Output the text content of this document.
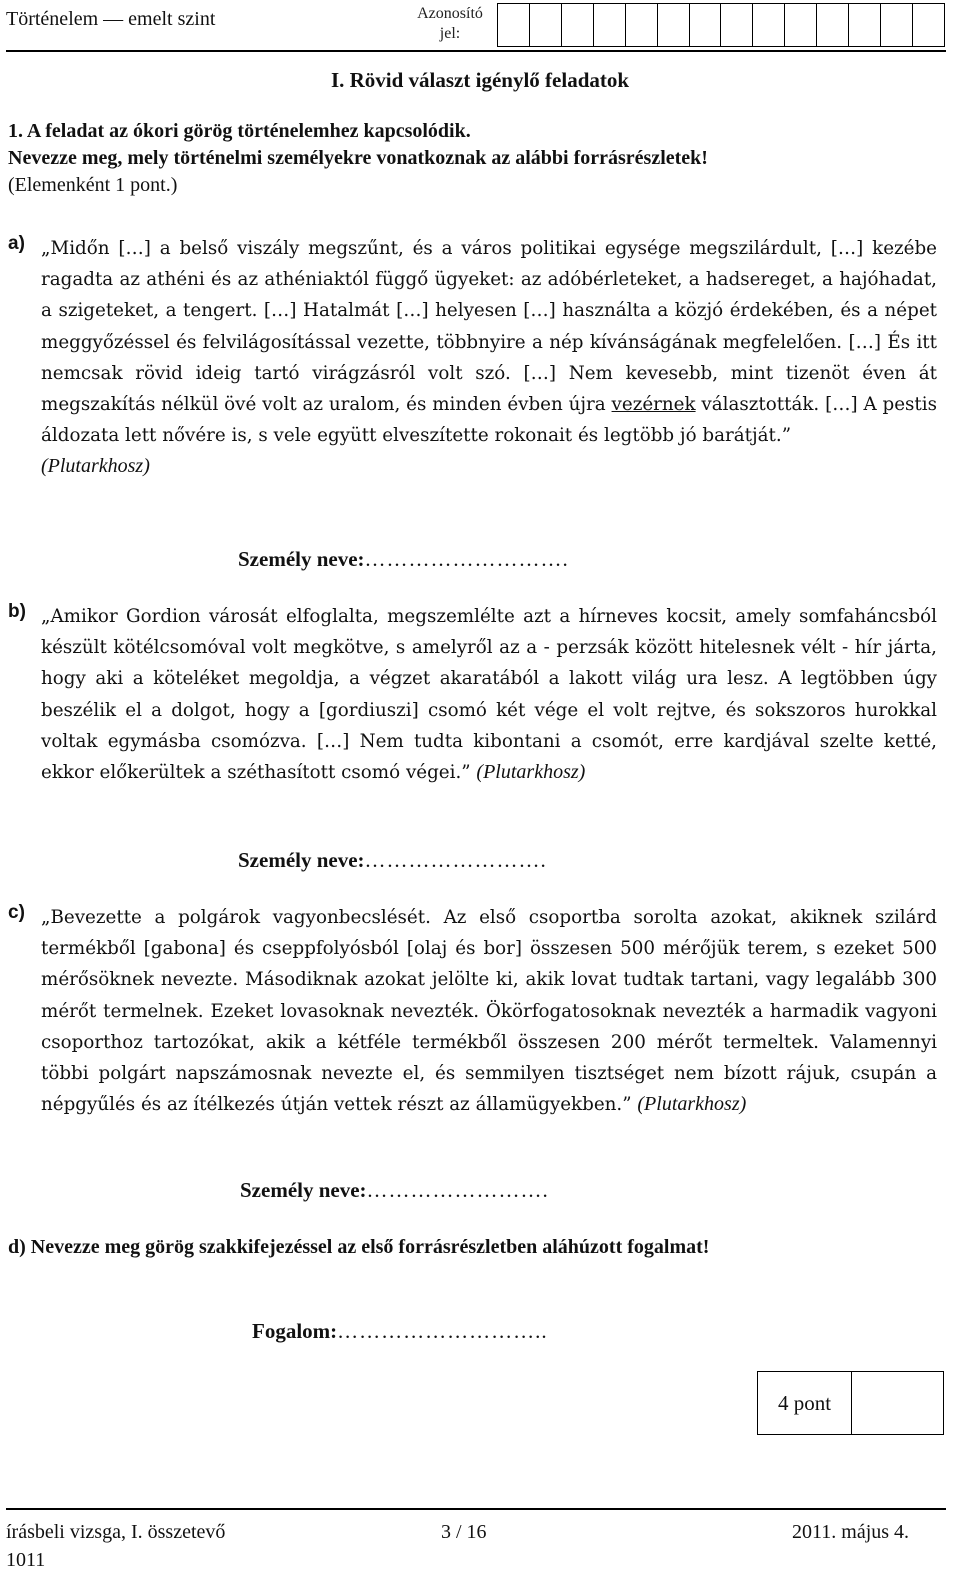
Történelem — emelt szint	Azonosító
jel:
I. Rövid választ igénylő feladatok
1. A feladat az ókori görög történelemhez kapcsolódik.
Nevezze meg, mely történelmi személyekre vonatkoznak az alábbi forrásrészletek!
(Elemenként 1 pont.)
a) „Midőn […] a belső viszály megszűnt, és a város politikai egysége megszilárdult, […] kezébe ragadta az athéni és az athéniaktól függő ügyeket: az adóbérleteket, a hadsereget, a hajóhadat, a szigeteket, a tengert. […] Hatalmát […] helyesen […] használta a közjó érdekében, és a népet meggyőzéssel és felvilágosítással vezette, többnyire a nép kívánságának megfelelően. […] És itt nemcsak rövid ideig tartó virágzásról volt szó. […] Nem kevesebb, mint tizenöt éven át megszakítás nélkül övé volt az uralom, és minden évben újra vezérnek választották. […] A pestis áldozata lett nővére is, s vele együtt elveszítette rokonait és legtöbb jó barátját.”
(Plutarkhosz)
Személy neve:……………………….
b) „Amikor Gordion városát elfoglalta, megszemlélte azt a hírneves kocsit, amely somfaháncsból készült kötélcsomóval volt megkötve, s amelyről az a - perzsák között hitelesnek vélt - hír járta, hogy aki a köteléket megoldja, a végzet akaratából a lakott világ ura lesz. A legtöbben úgy beszélik el a dolgot, hogy a [gordiuszi] csomó két vége el volt rejtve, és sokszoros hurokkal voltak egymásba csomózva. […] Nem tudta kibontani a csomót, erre kardjával szelte ketté, ekkor előkerültek a széthasított csomó végei.” (Plutarkhosz)
Személy neve:…………………….
c) „Bevezette a polgárok vagyonbecslését. Az első csoportba sorolta azokat, akiknek szilárd termékből [gabona] és cseppfolyósból [olaj és bor] összesen 500 mérőjük terem, s ezeket 500 mérősöknek nevezte. Másodiknak azokat jelölte ki, akik lovat tudtak tartani, vagy legalább 300 mérőt termelnek. Ezeket lovasoknak nevezték. Ökörfogatosoknak nevezték a harmadik vagyoni csoporthoz tartozókat, akik a kétféle termékből összesen 200 mérőt termeltek. Valamennyi többi polgárt napszámosnak nevezte el, és semmilyen tisztséget nem bízott rájuk, csupán a népgyűlés és az ítélkezés útján vettek részt az államügyekben.” (Plutarkhosz)
Személy neve:…………………….
d) Nevezze meg görög szakkifejezéssel az első forrásrészletben aláhúzott fogalmat!
Fogalom:………………………..
4 pont
írásbeli vizsga, I. összetevő	3 / 16	2011. május 4.
1011
